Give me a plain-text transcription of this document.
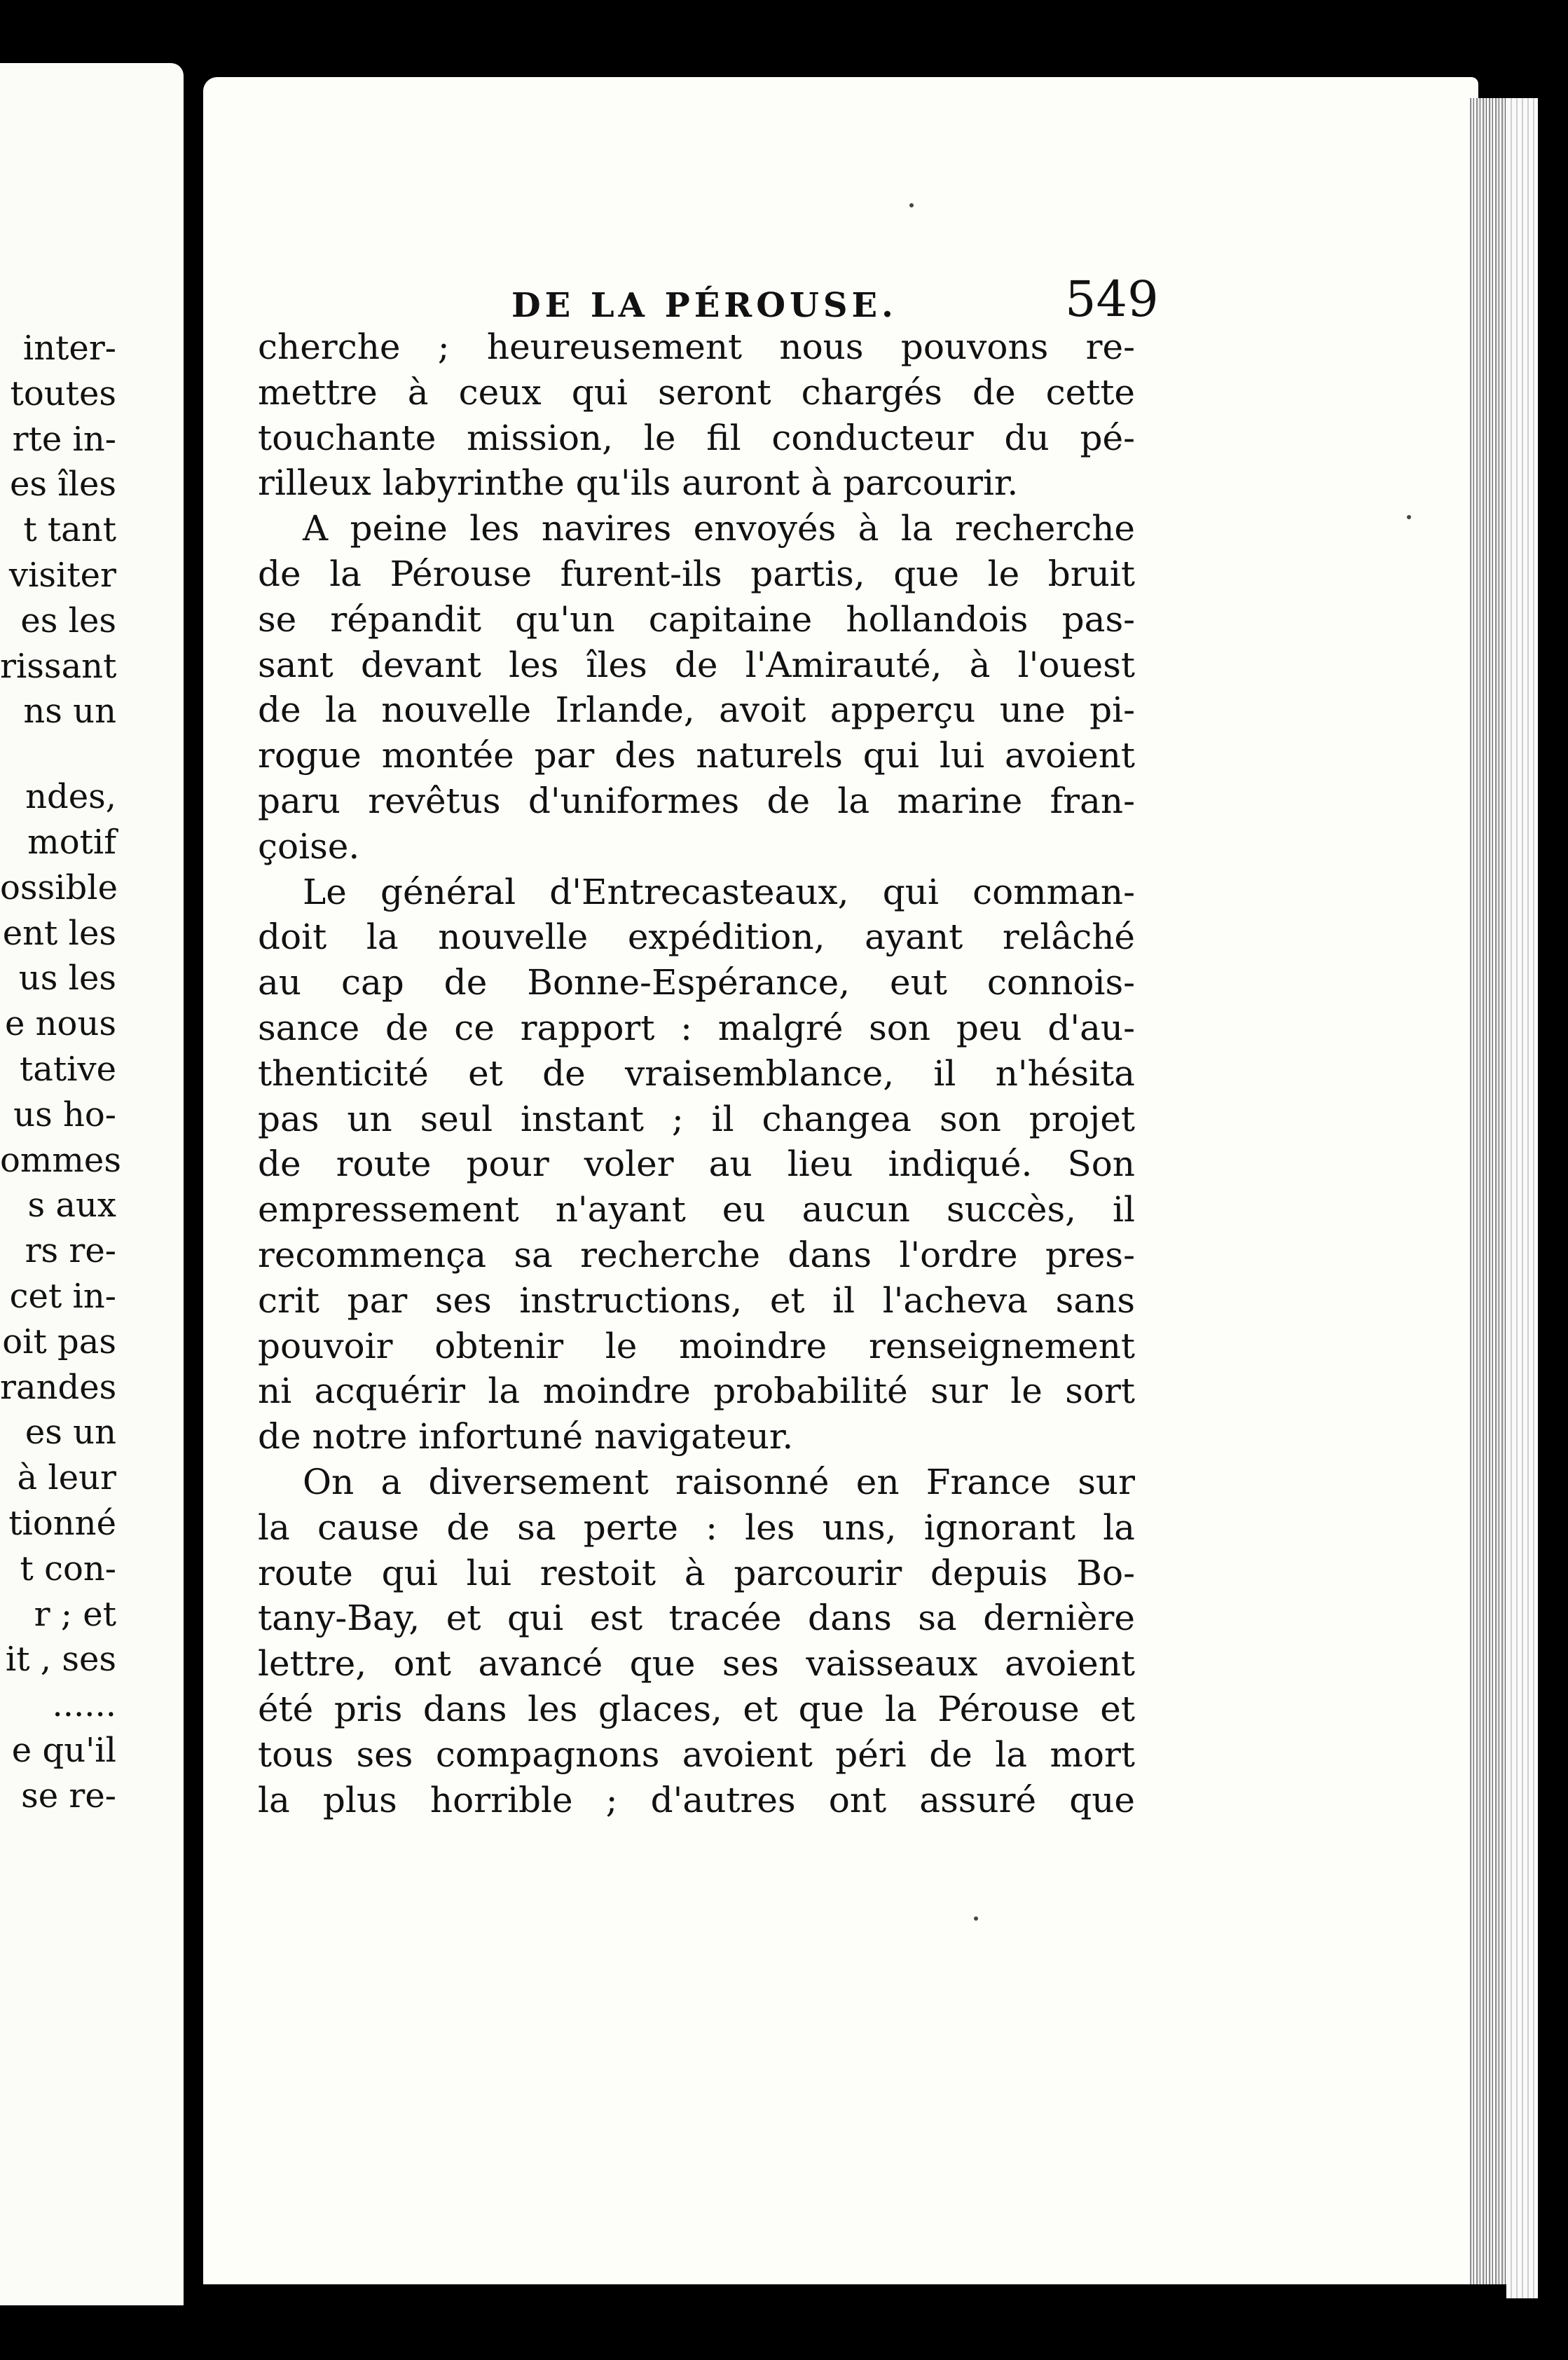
inter-
toutes
rte in-
es îles
t tant
visiter
es les
rissant
ns un
ndes,
motif
ossible
ent les
us les
e nous
tative
us ho-
ommes
s aux
rs re-
cet in-
oit pas
randes
es un
à leur
tionné
t con-
r ; et
it , ses
......
e qu'il
se re-
DE LA PÉROUSE.	549
cherche ; heureusement nous pouvons re-
mettre à ceux qui seront chargés de cette
touchante mission, le fil conducteur du pé-
rilleux labyrinthe qu'ils auront à parcourir.
A peine les navires envoyés à la recherche
de la Pérouse furent-ils partis, que le bruit
se répandit qu'un capitaine hollandois pas-
sant devant les îles de l'Amirauté, à l'ouest
de la nouvelle Irlande, avoit apperçu une pi-
rogue montée par des naturels qui lui avoient
paru revêtus d'uniformes de la marine fran-
çoise.
Le général d'Entrecasteaux, qui comman-
doit la nouvelle expédition, ayant relâché
au cap de Bonne-Espérance, eut connois-
sance de ce rapport : malgré son peu d'au-
thenticité et de vraisemblance, il n'hésita
pas un seul instant ; il changea son projet
de route pour voler au lieu indiqué. Son
empressement n'ayant eu aucun succès, il
recommença sa recherche dans l'ordre pres-
crit par ses instructions, et il l'acheva sans
pouvoir obtenir le moindre renseignement
ni acquérir la moindre probabilité sur le sort
de notre infortuné navigateur.
On a diversement raisonné en France sur
la cause de sa perte : les uns, ignorant la
route qui lui restoit à parcourir depuis Bo-
tany-Bay, et qui est tracée dans sa dernière
lettre, ont avancé que ses vaisseaux avoient
été pris dans les glaces, et que la Pérouse et
tous ses compagnons avoient péri de la mort
la plus horrible ; d'autres ont assuré que
